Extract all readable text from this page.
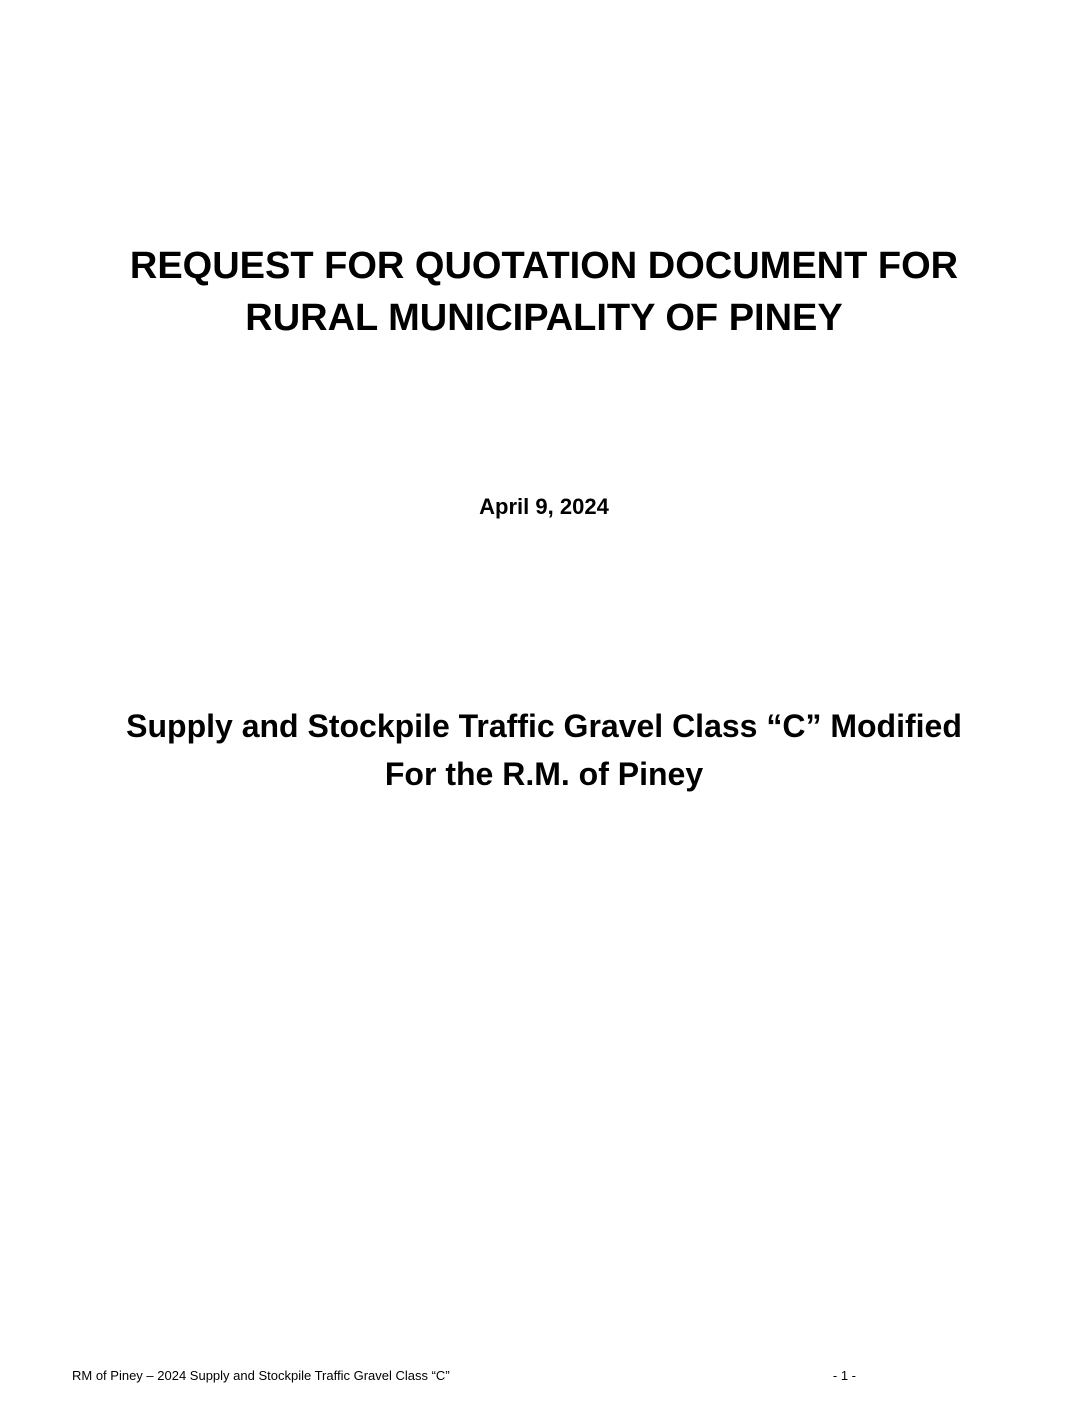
REQUEST FOR QUOTATION DOCUMENT FOR
RURAL MUNICIPALITY OF PINEY
April 9, 2024
Supply and Stockpile Traffic Gravel Class “C” Modified
For the R.M. of Piney
RM of Piney – 2024 Supply and Stockpile Traffic Gravel Class “C”	- 1 -
